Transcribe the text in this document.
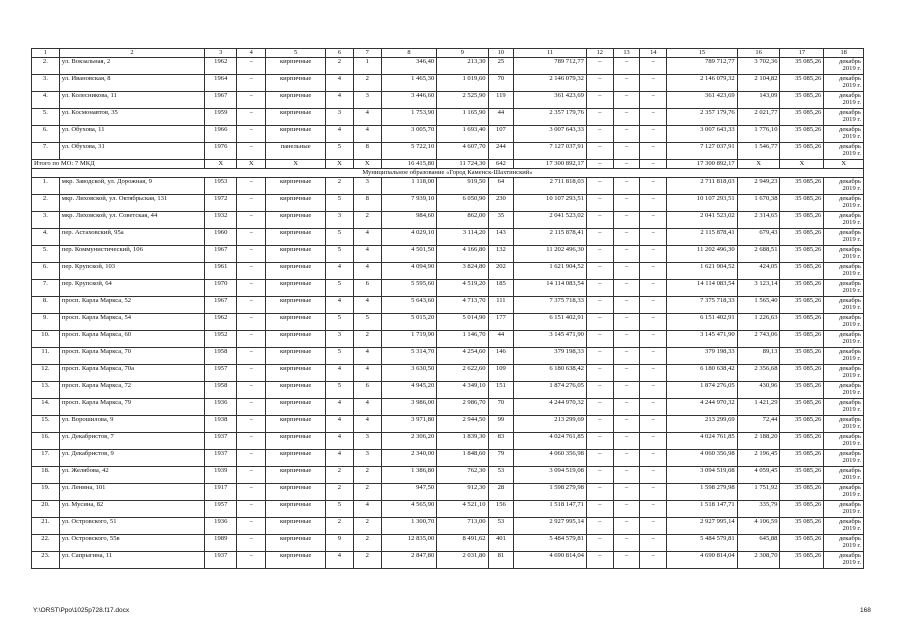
1	2	3	4	5	6	7	8	9	10	11	12	13	14	15	16	17	18
2.	ул. Вокзальная, 2	1962	–	кирпичные	2	1	346,40	213,30	25	789 712,77	–	–	–	789 712,77	3 702,36	35 085,26	декабрь 2019 г.
3.	ул. Ивановская, 8	1964	–	кирпичные	4	2	1 465,30	1 019,60	70	2 146 079,32	–	–	–	2 146 079,32	2 104,82	35 085,26	декабрь 2019 г.
4.	ул. Колесникова, 11	1967	–	кирпичные	4	3	3 446,60	2 525,90	119	361 423,69	–	–	–	361 423,69	143,09	35 085,26	декабрь 2019 г.
5.	ул. Космонавтов, 35	1959	–	кирпичные	3	4	1 753,90	1 165,90	44	2 357 179,76	–	–	–	2 357 179,76	2 021,77	35 085,26	декабрь 2019 г.
6.	ул. Обухова, 11	1966	–	кирпичные	4	4	3 005,70	1 693,40	107	3 007 643,33	–	–	–	3 007 643,33	1 776,10	35 085,26	декабрь 2019 г.
7.	ул. Обухова, 31	1976	–	панельные	5	8	5 722,10	4 607,70	244	7 127 037,91	–	–	–	7 127 037,91	1 546,77	35 085,26	декабрь 2019 г.
Итого по МО: 7 МКД		X	X	X	X	X	16 415,80	11 724,30	642	17 300 892,17	–	–	–	17 300 892,17	X	X	X
Муниципальное образование «Город Каменск-Шахтинский»																	
1.	мкр. Заводской, ул. Дорожная, 9	1953	–	кирпичные	2	3	1 118,00	919,50	64	2 711 818,03	–	–	–	2 711 818,03	2 949,23	35 085,26	декабрь 2019 г.
2.	мкр. Лиховской, ул. Октябрьская, 131	1972	–	кирпичные	5	8	7 939,10	6 050,90	230	10 107 293,51	–	–	–	10 107 293,51	1 670,38	35 085,26	декабрь 2019 г.
3.	мкр. Лиховской, ул. Советская, 44	1932	–	кирпичные	3	2	984,60	862,00	35	2 041 523,02	–	–	–	2 041 523,02	2 314,65	35 085,26	декабрь 2019 г.
4.	пер. Астаховский, 95а	1960	–	кирпичные	5	4	4 029,10	3 114,20	143	2 115 878,41	–	–	–	2 115 878,41	679,43	35 085,26	декабрь 2019 г.
5.	пер. Коммунистический, 106	1967	–	кирпичные	5	4	4 501,50	4 166,80	132	11 202 496,30	–	–	–	11 202 496,30	2 688,51	35 085,26	декабрь 2019 г.
6.	пер. Крупской, 103	1961	–	кирпичные	4	4	4 094,90	3 824,80	202	1 621 904,52	–	–	–	1 621 904,52	424,05	35 085,26	декабрь 2019 г.
7.	пер. Крупской, 64	1970	–	кирпичные	5	6	5 595,60	4 519,20	185	14 114 083,54	–	–	–	14 114 083,54	3 123,14	35 085,26	декабрь 2019 г.
8.	просп. Карла Маркса, 52	1967	–	кирпичные	4	4	5 643,60	4 713,70	111	7 375 718,33	–	–	–	7 375 718,33	1 565,40	35 085,26	декабрь 2019 г.
9.	просп. Карла Маркса, 54	1962	–	кирпичные	5	5	5 015,20	5 014,90	177	6 151 402,91	–	–	–	6 151 402,91	1 226,63	35 085,26	декабрь 2019 г.
10.	просп. Карла Маркса, 60	1952	–	кирпичные	3	2	1 719,90	1 146,70	44	3 145 471,90	–	–	–	3 145 471,90	2 743,06	35 085,26	декабрь 2019 г.
11.	просп. Карла Маркса, 70	1958	–	кирпичные	5	4	5 314,70	4 254,60	146	379 198,33	–	–	–	379 198,33	89,13	35 085,26	декабрь 2019 г.
12.	просп. Карла Маркса, 70а	1957	–	кирпичные	4	4	3 630,50	2 622,60	109	6 180 638,42	–	–	–	6 180 638,42	2 356,68	35 085,26	декабрь 2019 г.
13.	просп. Карла Маркса, 72	1958	–	кирпичные	5	6	4 945,20	4 349,10	151	1 874 276,05	–	–	–	1 874 276,05	430,96	35 085,26	декабрь 2019 г.
14.	просп. Карла Маркса, 79	1936	–	кирпичные	4	4	3 986,00	2 986,70	70	4 244 970,32	–	–	–	4 244 970,32	1 421,29	35 085,26	декабрь 2019 г.
15.	ул. Ворошилова, 9	1938	–	кирпичные	4	4	3 971,80	2 944,50	99	213 299,69	–	–	–	213 299,69	72,44	35 085,26	декабрь 2019 г.
16.	ул. Декабристов, 7	1937	–	кирпичные	4	3	2 306,20	1 839,30	83	4 024 761,85	–	–	–	4 024 761,85	2 188,20	35 085,26	декабрь 2019 г.
17.	ул. Декабристов, 9	1937	–	кирпичные	4	3	2 340,00	1 848,60	79	4 060 356,98	–	–	–	4 060 356,98	2 196,45	35 085,26	декабрь 2019 г.
18.	ул. Желябова, 42	1939	–	кирпичные	2	2	1 386,80	762,30	53	3 094 519,08	–	–	–	3 094 519,08	4 059,45	35 085,26	декабрь 2019 г.
19.	ул. Ленина, 101	1917	–	кирпичные	2	2	947,50	912,30	28	1 598 279,98	–	–	–	1 598 279,98	1 751,92	35 085,26	декабрь 2019 г.
20.	ул. Мусина, 82	1957	–	кирпичные	5	4	4 565,90	4 521,10	156	1 518 147,71	–	–	–	1 518 147,71	335,79	35 085,26	декабрь 2019 г.
21.	ул. Островского, 51	1936	–	кирпичные	2	2	1 300,70	713,00	53	2 927 995,14	–	–	–	2 927 995,14	4 106,59	35 085,26	декабрь 2019 г.
22.	ул. Островского, 55в	1989	–	кирпичные	9	2	12 835,00	8 491,62	401	5 484 579,81	–	–	–	5 484 579,81	645,88	35 085,26	декабрь 2019 г.
23.	ул. Сапрыгина, 11	1937	–	кирпичные	4	2	2 847,80	2 031,80	81	4 690 814,04	–	–	–	4 690 814,04	2 308,70	35 085,26	декабрь 2019 г.
Y:\ORST\Ppo\1025p728.f17.docx	168
